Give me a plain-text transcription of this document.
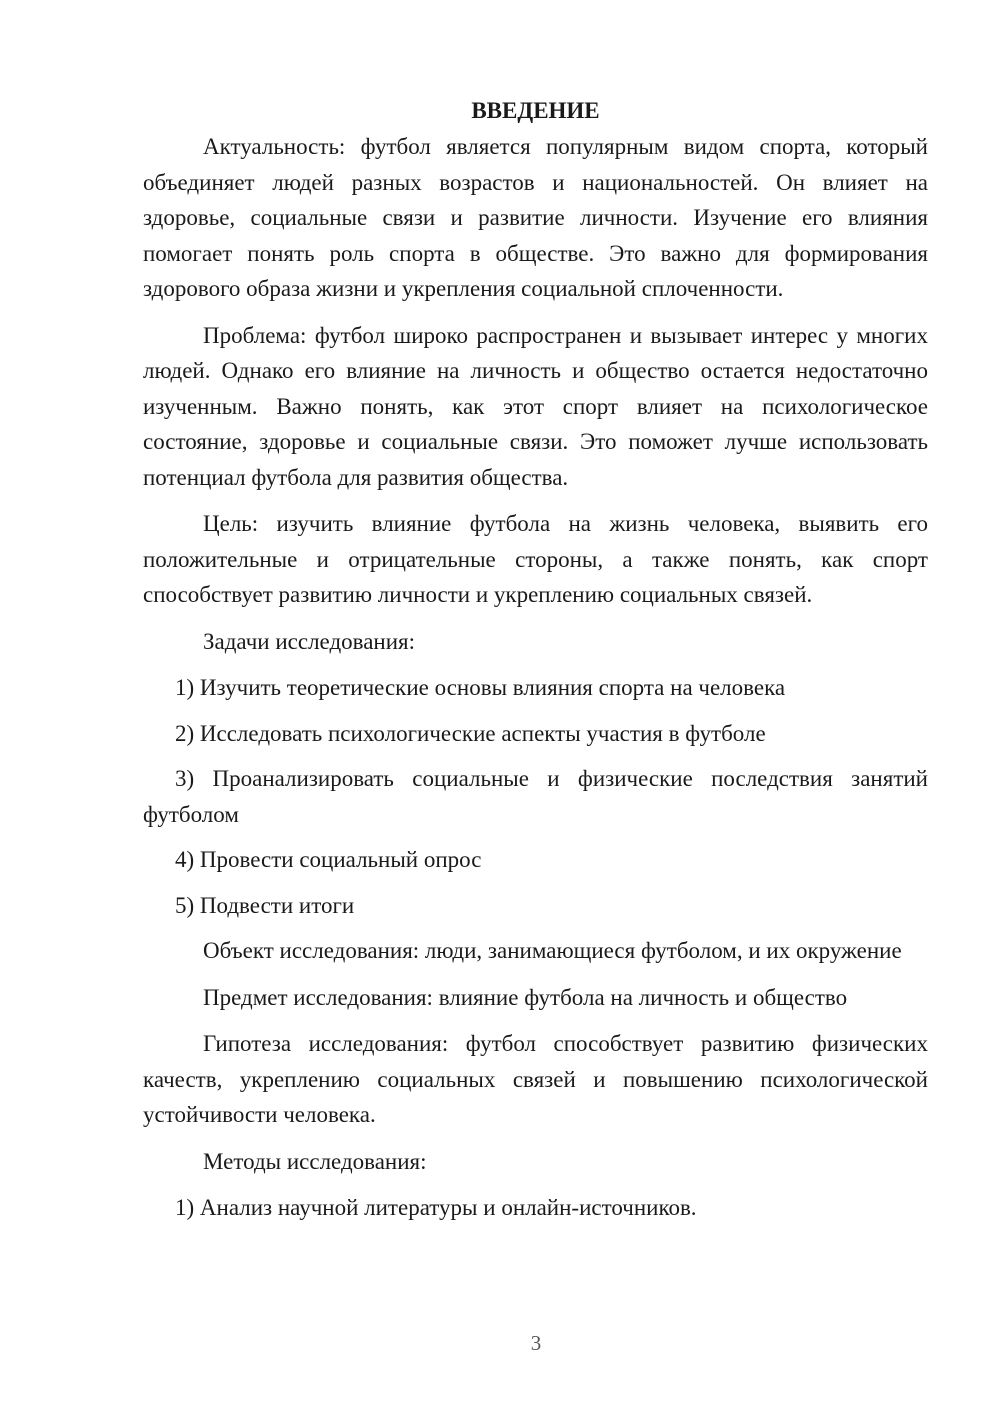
ВВЕДЕНИЕ

Актуальность: футбол является популярным видом спорта, который объединяет людей разных возрастов и национальностей. Он влияет на здоровье, социальные связи и развитие личности. Изучение его влияния помогает понять роль спорта в обществе. Это важно для формирования здорового образа жизни и укрепления социальной сплоченности.

Проблема: футбол широко распространен и вызывает интерес у многих людей. Однако его влияние на личность и общество остается недостаточно изученным. Важно понять, как этот спорт влияет на психологическое состояние, здоровье и социальные связи. Это поможет лучше использовать потенциал футбола для развития общества.

Цель: изучить влияние футбола на жизнь человека, выявить его положительные и отрицательные стороны, а также понять, как спорт способствует развитию личности и укреплению социальных связей.

Задачи исследования:

1) Изучить теоретические основы влияния спорта на человека

2) Исследовать психологические аспекты участия в футболе

3) Проанализировать социальные и физические последствия занятий футболом

4) Провести социальный опрос

5) Подвести итоги

Объект исследования: люди, занимающиеся футболом, и их окружение

Предмет исследования: влияние футбола на личность и общество

Гипотеза исследования: футбол способствует развитию физических качеств, укреплению социальных связей и повышению психологической устойчивости человека.

Методы исследования:

1) Анализ научной литературы и онлайн-источников.

3
